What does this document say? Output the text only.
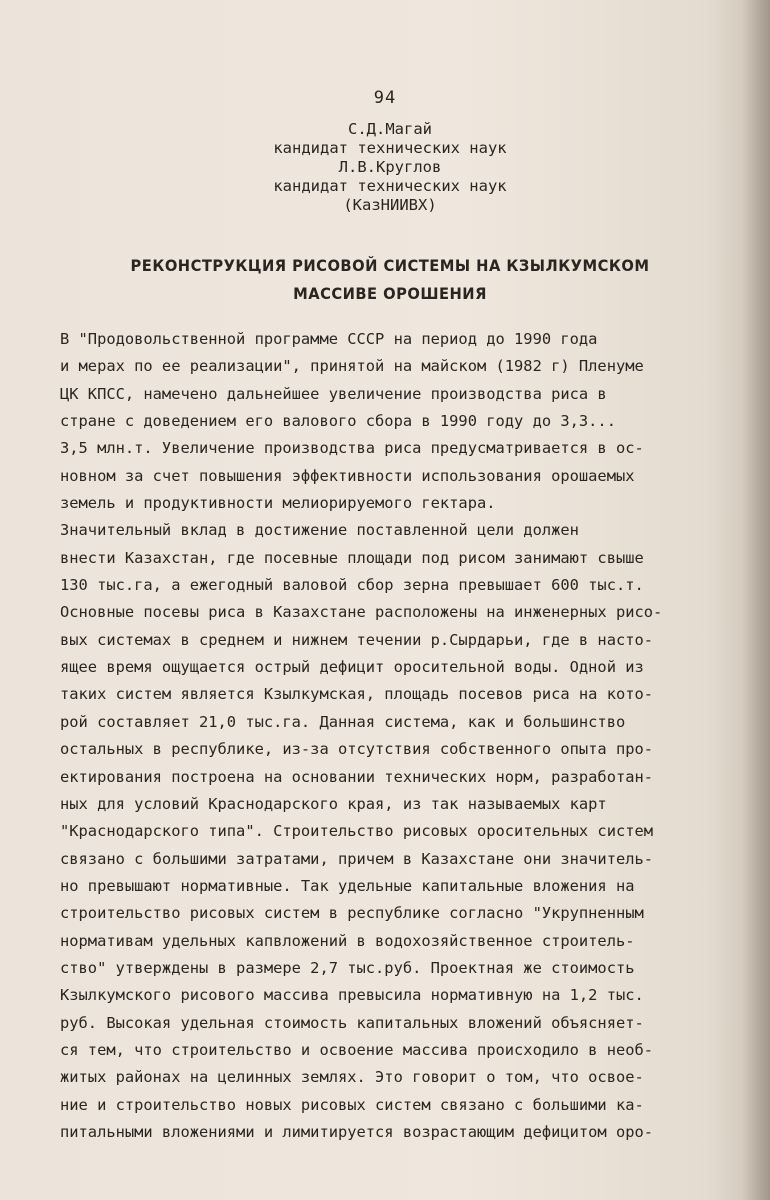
94
С.Д.Магай
кандидат технических наук
Л.В.Круглов
кандидат технических наук
(КазНИИВХ)
РЕКОНСТРУКЦИЯ РИСОВОЙ СИСТЕМЫ НА КЗЫЛКУМСКОМ
МАССИВЕ ОРОШЕНИЯ
В "Продовольственной программе СССР на период до 1990 года
и мерах по ее реализации", принятой на майском (1982 г) Пленуме
ЦК КПСС, намечено дальнейшее увеличение производства риса в
стране с доведением его валового сбора в 1990 году до 3,3...
3,5 млн.т. Увеличение производства риса предусматривается в ос-
новном за счет повышения эффективности использования орошаемых
земель и продуктивности мелиорируемого гектара.
Значительный вклад в достижение поставленной цели должен
внести Казахстан, где посевные площади под рисом занимают свыше
130 тыс.га, а ежегодный валовой сбор зерна превышает 600 тыс.т.
Основные посевы риса в Казахстане расположены на инженерных рисо-
вых системах в среднем и нижнем течении р.Сырдарьи, где в насто-
ящее время ощущается острый дефицит оросительной воды. Одной из
таких систем является Кзылкумская, площадь посевов риса на кото-
рой составляет 21,0 тыс.га. Данная система, как и большинство
остальных в республике, из-за отсутствия собственного опыта про-
ектирования построена на основании технических норм, разработан-
ных для условий Краснодарского края, из так называемых карт
"Краснодарского типа". Строительство рисовых оросительных систем
связано с большими затратами, причем в Казахстане они значитель-
но превышают нормативные. Так удельные капитальные вложения на
строительство рисовых систем в республике согласно "Укрупненным
нормативам удельных капвложений в водохозяйственное строитель-
ство" утверждены в размере 2,7 тыс.руб. Проектная же стоимость
Кзылкумского рисового массива превысила нормативную на 1,2 тыс.
руб. Высокая удельная стоимость капитальных вложений объясняет-
ся тем, что строительство и освоение массива происходило в необ-
житых районах на целинных землях. Это говорит о том, что освое-
ние и строительство новых рисовых систем связано с большими ка-
питальными вложениями и лимитируется возрастающим дефицитом оро-
